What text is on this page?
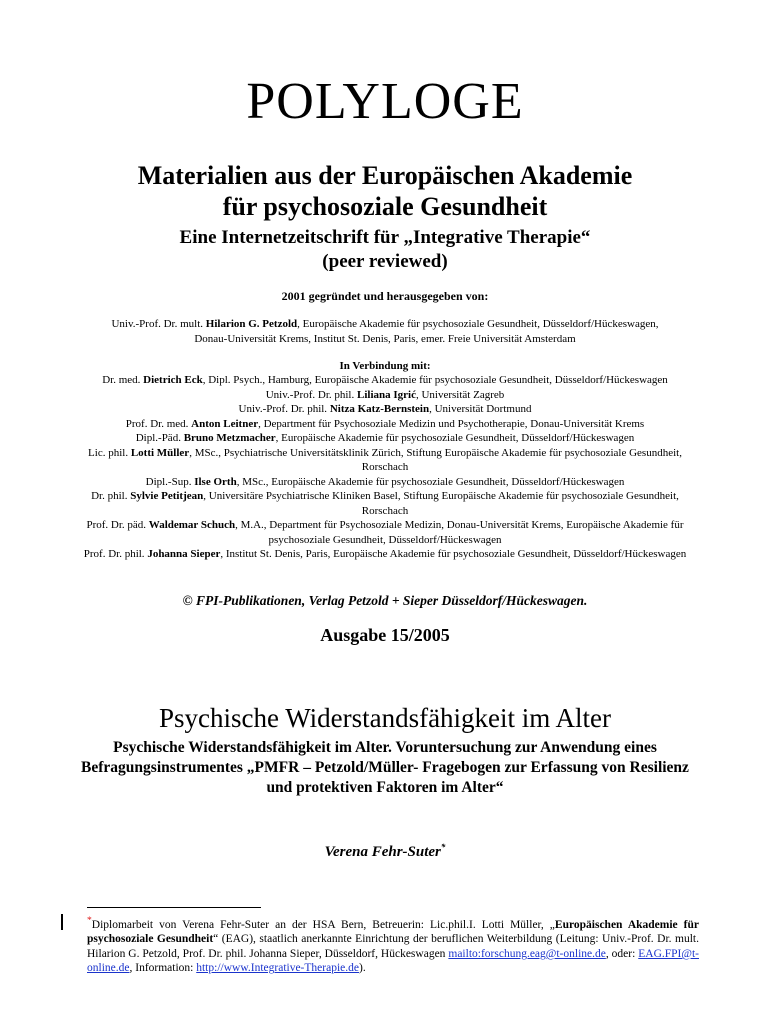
POLYLOGE
Materialien aus der Europäischen Akademie
für psychosoziale Gesundheit
Eine Internetzeitschrift für „Integrative Therapie“
(peer reviewed)
2001 gegründet und herausgegeben von:
Univ.-Prof. Dr. mult. Hilarion G. Petzold, Europäische Akademie für psychosoziale Gesundheit, Düsseldorf/Hückeswagen, Donau-Universität Krems, Institut St. Denis, Paris, emer. Freie Universität Amsterdam
In Verbindung mit:
Dr. med. Dietrich Eck, Dipl. Psych., Hamburg, Europäische Akademie für psychosoziale Gesundheit, Düsseldorf/Hückeswagen
Univ.-Prof. Dr. phil. Liliana Igrić, Universität Zagreb
Univ.-Prof. Dr. phil. Nitza Katz-Bernstein, Universität Dortmund
Prof. Dr. med. Anton Leitner, Department für Psychosoziale Medizin und Psychotherapie, Donau-Universität Krems
Dipl.-Päd. Bruno Metzmacher, Europäische Akademie für psychosoziale Gesundheit, Düsseldorf/Hückeswagen
Lic. phil. Lotti Müller, MSc., Psychiatrische Universitätsklinik Zürich, Stiftung Europäische Akademie für psychosoziale Gesundheit, Rorschach
Dipl.-Sup. Ilse Orth, MSc., Europäische Akademie für psychosoziale Gesundheit, Düsseldorf/Hückeswagen
Dr. phil. Sylvie Petitjean, Universitäre Psychiatrische Kliniken Basel, Stiftung Europäische Akademie für psychosoziale Gesundheit, Rorschach
Prof. Dr. päd. Waldemar Schuch, M.A., Department für Psychosoziale Medizin, Donau-Universität Krems, Europäische Akademie für psychosoziale Gesundheit, Düsseldorf/Hückeswagen
Prof. Dr. phil. Johanna Sieper, Institut St. Denis, Paris, Europäische Akademie für psychosoziale Gesundheit, Düsseldorf/Hückeswagen
© FPI-Publikationen, Verlag Petzold + Sieper Düsseldorf/Hückeswagen.
Ausgabe 15/2005
Psychische Widerstandsfähigkeit im Alter
Psychische Widerstandsfähigkeit im Alter. Voruntersuchung zur Anwendung eines Befragungsinstrumentes „PMFR – Petzold/Müller- Fragebogen zur Erfassung von Resilienz und protektiven Faktoren im Alter“
Verena Fehr-Suter*
*Diplomarbeit von Verena Fehr-Suter an der HSA Bern, Betreuerin: Lic.phil.I. Lotti Müller, „Europäischen Akademie für psychosoziale Gesundheit“ (EAG), staatlich anerkannte Einrichtung der beruflichen Weiterbildung (Leitung: Univ.-Prof. Dr. mult. Hilarion G. Petzold, Prof. Dr. phil. Johanna Sieper, Düsseldorf, Hückeswagen mailto:forschung.eag@t-online.de, oder: EAG.FPI@t-online.de, Information: http://www.Integrative-Therapie.de).
